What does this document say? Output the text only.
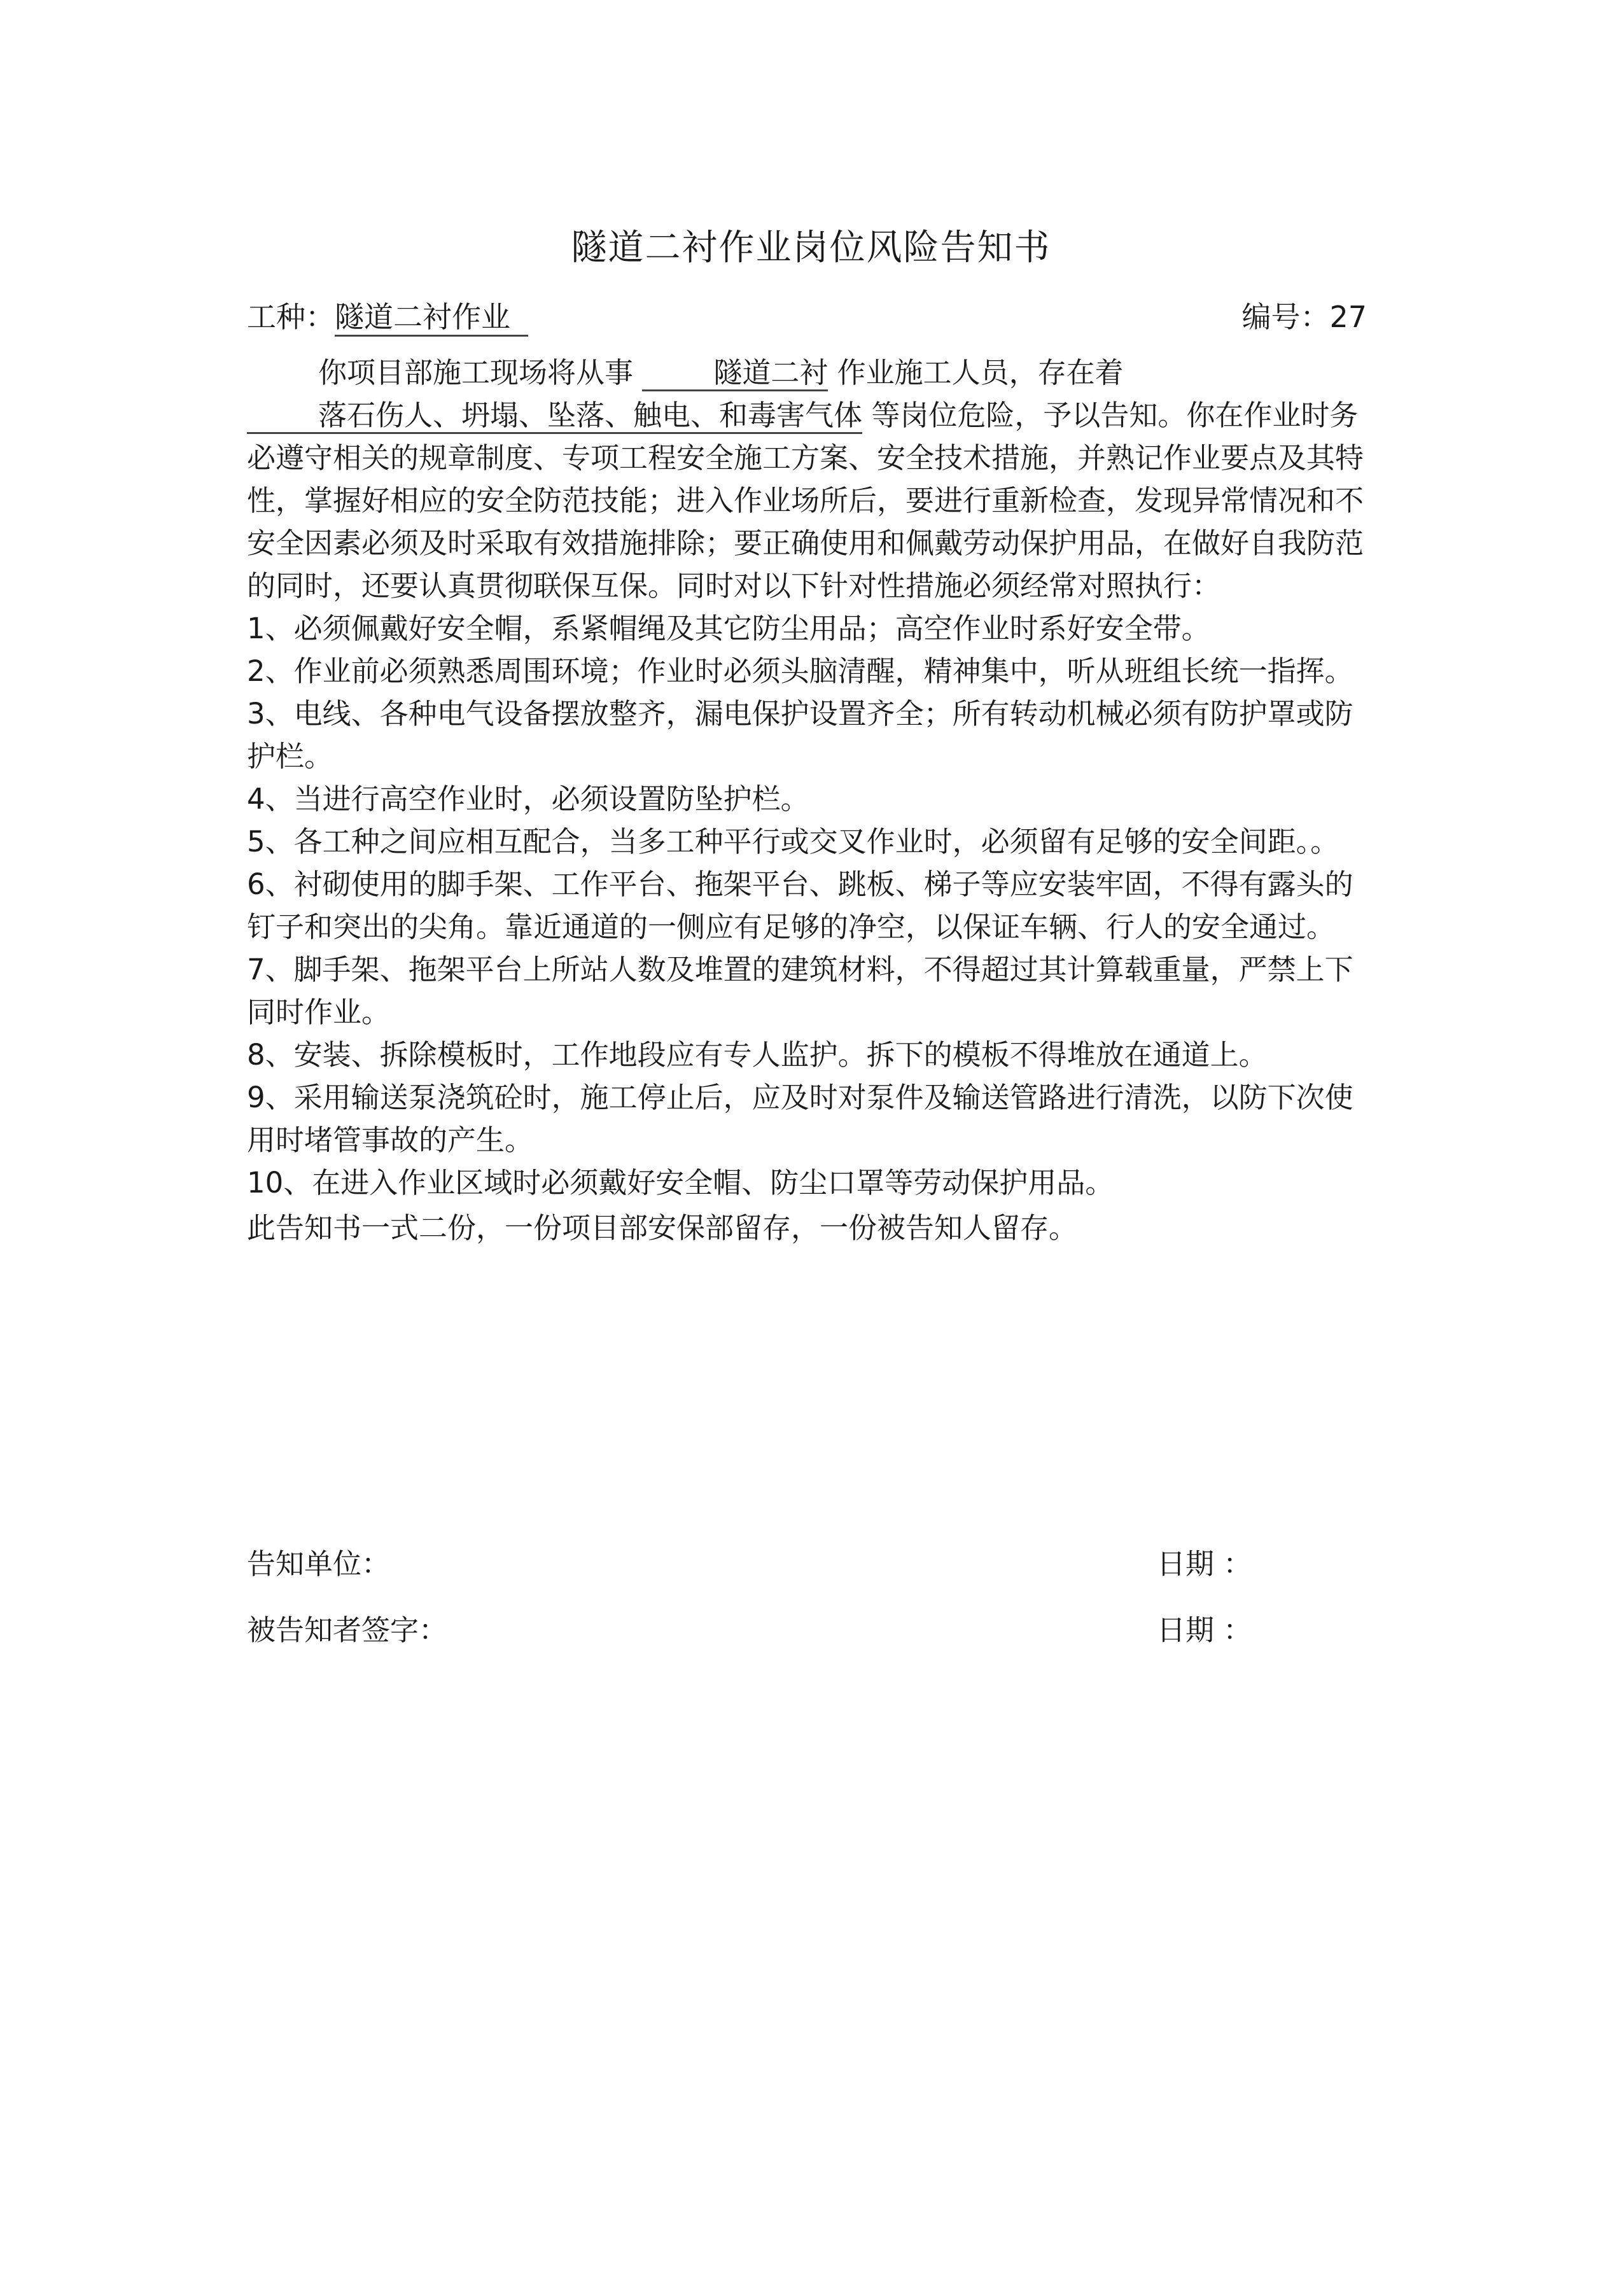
隧道二衬作业岗位风险告知书
工种：隧道二衬作业	编号：27

你项目部施工现场将从事	隧道二衬 作业施工人员，存在着 落石伤人、坍塌、坠落、触电、和毒害气体 等岗位危险，予以告知。你在作业时务必遵守相关的规章制度、专项工程安全施工方案、安全技术措施，并熟记作业要点及其特性，掌握好相应的安全防范技能；进入作业场所后，要进行重新检查，发现异常情况和不安全因素必须及时采取有效措施排除；要正确使用和佩戴劳动保护用品，在做好自我防范的同时，还要认真贯彻联保互保。同时对以下针对性措施必须经常对照执行：

1、必须佩戴好安全帽，系紧帽绳及其它防尘用品；高空作业时系好安全带。

2、作业前必须熟悉周围环境；作业时必须头脑清醒，精神集中，听从班组长统一指挥。

3、电线、各种电气设备摆放整齐，漏电保护设置齐全；所有转动机械必须有防护罩或防护栏。

4、当进行高空作业时，必须设置防坠护栏。

5、各工种之间应相互配合，当多工种平行或交叉作业时，必须留有足够的安全间距。。

6、衬砌使用的脚手架、工作平台、拖架平台、跳板、梯子等应安装牢固，不得有露头的钉子和突出的尖角。靠近通道的一侧应有足够的净空，以保证车辆、行人的安全通过。

7、脚手架、拖架平台上所站人数及堆置的建筑材料，不得超过其计算载重量，严禁上下同时作业。

8、安装、拆除模板时，工作地段应有专人监护。拆下的模板不得堆放在通道上。

9、采用输送泵浇筑砼时，施工停止后，应及时对泵件及输送管路进行清洗，以防下次使用时堵管事故的产生。

10、在进入作业区域时必须戴好安全帽、防尘口罩等劳动保护用品。

此告知书一式二份，一份项目部安保部留存，一份被告知人留存。

告知单位：	日期 ：
被告知者签字：	日期 ：
